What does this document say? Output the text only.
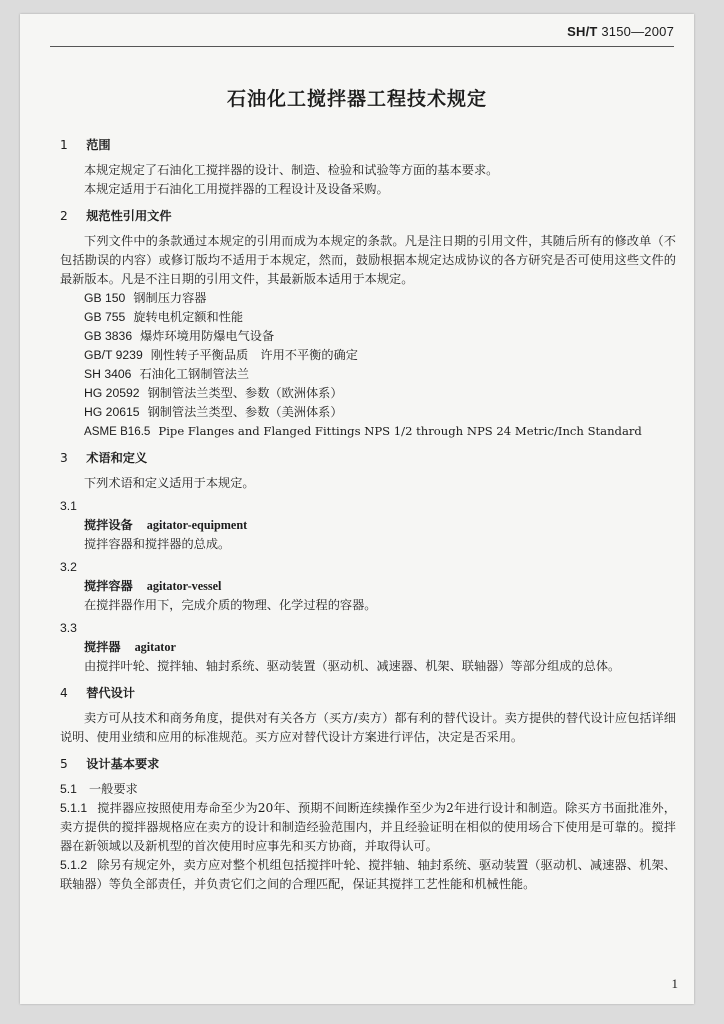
SH/T 3150—2007
石油化工搅拌器工程技术规定
1 范围
本规定规定了石油化工搅拌器的设计、制造、检验和试验等方面的基本要求。
本规定适用于石油化工用搅拌器的工程设计及设备采购。
2 规范性引用文件
下列文件中的条款通过本规定的引用而成为本规定的条款。凡是注日期的引用文件，其随后所有的修改单（不包括勘误的内容）或修订版均不适用于本规定，然而，鼓励根据本规定达成协议的各方研究是否可使用这些文件的最新版本。凡是不注日期的引用文件，其最新版本适用于本规定。
GB 150 钢制压力容器
GB 755 旋转电机定额和性能
GB 3836 爆炸环境用防爆电气设备
GB/T 9239 刚性转子平衡品质　许用不平衡的确定
SH 3406 石油化工钢制管法兰
HG 20592 钢制管法兰类型、参数（欧洲体系）
HG 20615 钢制管法兰类型、参数（美洲体系）
ASME B16.5 Pipe Flanges and Flanged Fittings NPS 1/2 through NPS 24 Metric/Inch Standard
3 术语和定义
下列术语和定义适用于本规定。
3.1
搅拌设备 agitator-equipment
搅拌容器和搅拌器的总成。
3.2
搅拌容器 agitator-vessel
在搅拌器作用下，完成介质的物理、化学过程的容器。
3.3
搅拌器 agitator
由搅拌叶轮、搅拌轴、轴封系统、驱动装置（驱动机、减速器、机架、联轴器）等部分组成的总体。
4 替代设计
卖方可从技术和商务角度，提供对有关各方（买方/卖方）都有利的替代设计。卖方提供的替代设计应包括详细说明、使用业绩和应用的标准规范。买方应对替代设计方案进行评估，决定是否采用。
5 设计基本要求
5.1 一般要求
5.1.1 搅拌器应按照使用寿命至少为20年、预期不间断连续操作至少为2年进行设计和制造。除买方书面批准外，卖方提供的搅拌器规格应在卖方的设计和制造经验范围内，并且经验证明在相似的使用场合下使用是可靠的。搅拌器在新领域以及新机型的首次使用时应事先和买方协商，并取得认可。
5.1.2 除另有规定外，卖方应对整个机组包括搅拌叶轮、搅拌轴、轴封系统、驱动装置（驱动机、减速器、机架、联轴器）等负全部责任，并负责它们之间的合理匹配，保证其搅拌工艺性能和机械性能。
1
